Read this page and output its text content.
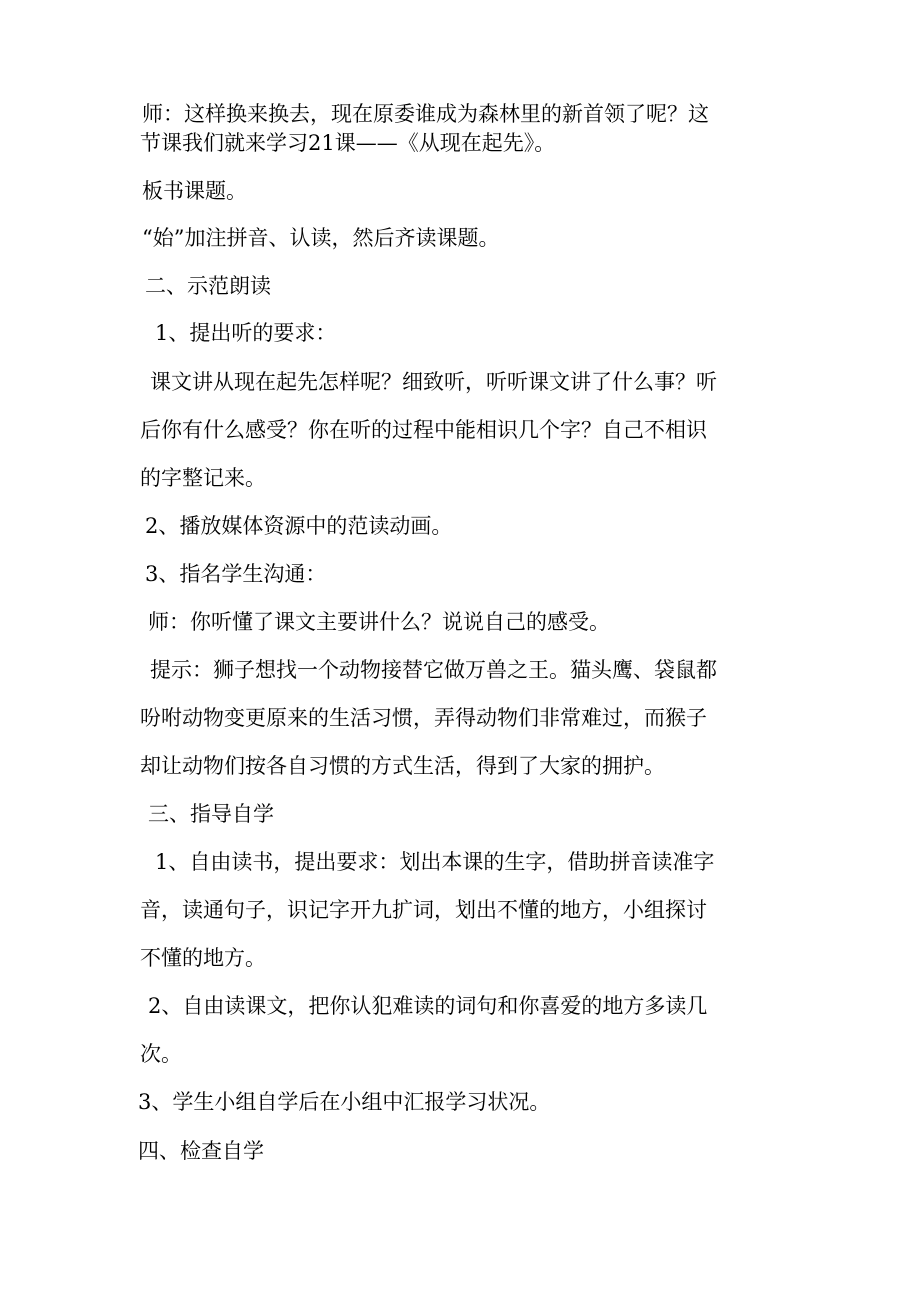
师：这样换来换去，现在原委谁成为森林里的新首领了呢？这
节课我们就来学习21课——《从现在起先》。
板书课题。
“始”加注拼音、认读，然后齐读课题。
二、示范朗读
1、提出听的要求：
课文讲从现在起先怎样呢？细致听，听听课文讲了什么事？听
后你有什么感受？你在听的过程中能相识几个字？自己不相识
的字整记来。
2、播放媒体资源中的范读动画。
3、指名学生沟通：
师：你听懂了课文主要讲什么？说说自己的感受。
提示：狮子想找一个动物接替它做万兽之王。猫头鹰、袋鼠都
吩咐动物变更原来的生活习惯，弄得动物们非常难过，而猴子
却让动物们按各自习惯的方式生活，得到了大家的拥护。
三、指导自学
1、自由读书，提出要求：划出本课的生字，借助拼音读准字
音，读通句子，识记字开九扩词，划出不懂的地方，小组探讨
不懂的地方。
2、自由读课文，把你认犯难读的词句和你喜爱的地方多读几
次。
3、学生小组自学后在小组中汇报学习状况。
四、检查自学
